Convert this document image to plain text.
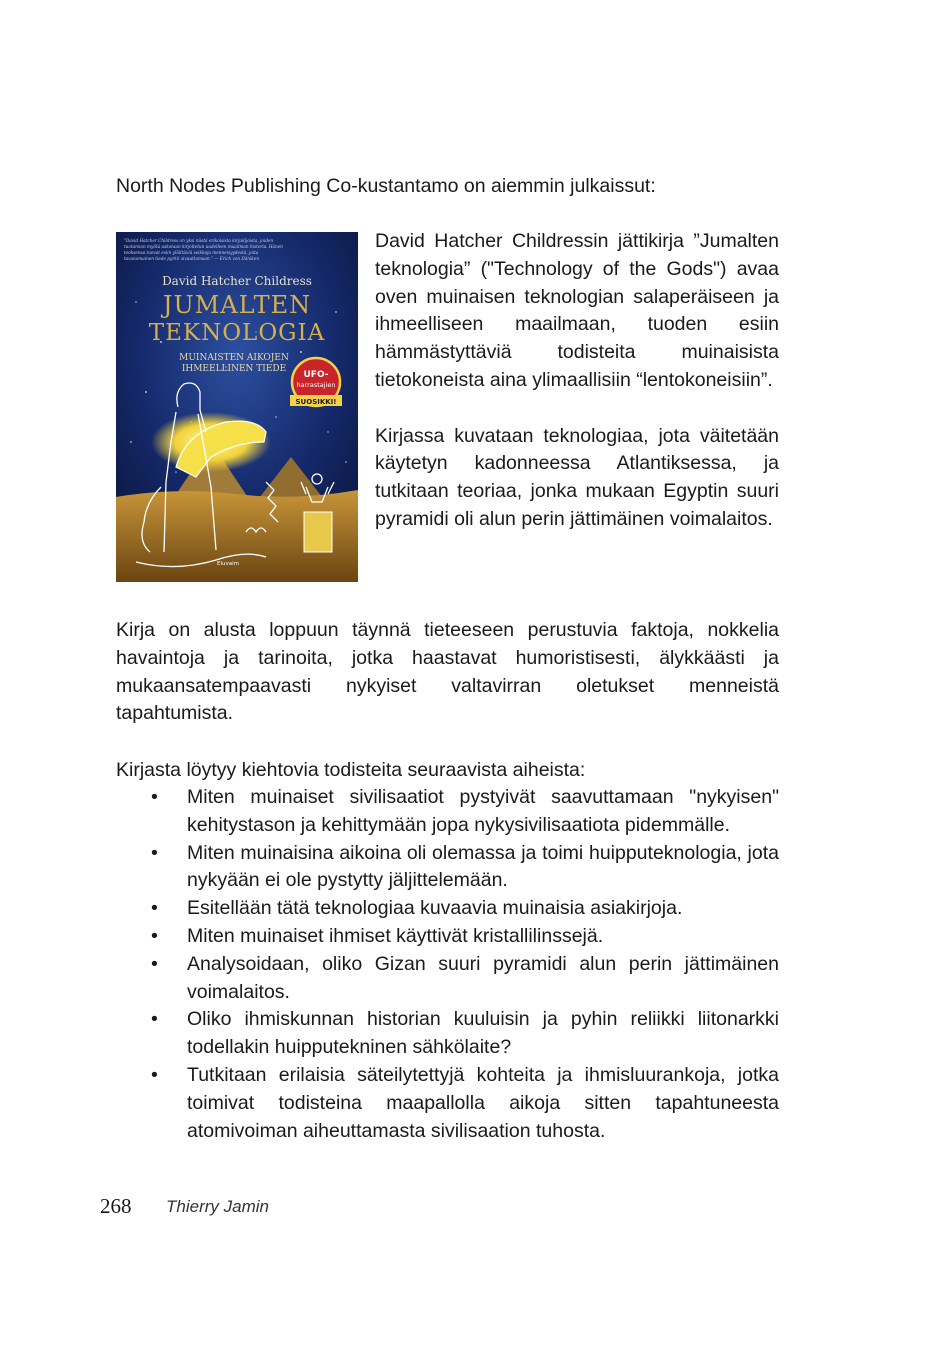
North Nodes Publishing Co-kustantamo on aiemmin julkaissut:
"David Hatcher Childress on yksi niistä erikoisista kirjailijoista, joiden
tuotannon myötä uskotaan kirjoitetun uudelleen maailman historia. Hänen
teoksensa tuovat esiin yllättäviä seikkoja menneisyydestä, joita
tavanomainen tiede pyrkii sivuuttamaan." — Erich von Däniken
David Hatcher Childress
JUMALTEN
TEKNOLOGIA
MUINAISTEN AIKOJEN
IHMEELLINEN TIEDE
UFO-
harrastajien
SUOSIKKI!
Eluvaim

David Hatcher Childressin jättikirja ”Jumalten teknologia” ("Technology of the Gods") avaa oven muinaisen teknologian salaperäiseen ja ihmeelliseen maailmaan, tuoden esiin hämmästyttäviä todisteita muinaisista tietokoneista aina ylimaallisiin “lentokoneisiin”.

Kirjassa kuvataan teknologiaa, jota väitetään käytetyn kadonneessa Atlantiksessa, ja tutkitaan teoriaa, jonka mukaan Egyptin suuri pyramidi oli alun perin jättimäinen voimalaitos.

Kirja on alusta loppuun täynnä tieteeseen perustuvia faktoja, nokkelia havaintoja ja tarinoita, jotka haastavat humoristisesti, älykkäästi ja mukaansatempaavasti nykyiset valtavirran oletukset menneistä tapahtumista.

Kirjasta löytyy kiehtovia todisteita seuraavista aiheista:
• Miten muinaiset sivilisaatiot pystyivät saavuttamaan "nykyisen" kehitystason ja kehittymään jopa nykysivilisaatiota pidemmälle.
• Miten muinaisina aikoina oli olemassa ja toimi huipputeknologia, jota nykyään ei ole pystytty jäljittelemään.
• Esitellään tätä teknologiaa kuvaavia muinaisia asiakirjoja.
• Miten muinaiset ihmiset käyttivät kristallilinssejä.
• Analysoidaan, oliko Gizan suuri pyramidi alun perin jättimäinen voimalaitos.
• Oliko ihmiskunnan historian kuuluisin ja pyhin reliikki liitonarkki todellakin huipputekninen sähkölaite?
• Tutkitaan erilaisia säteilytettyjä kohteita ja ihmisluurankoja, jotka toimivat todisteina maapallolla aikoja sitten tapahtuneesta atomivoiman aiheuttamasta sivilisaation tuhosta.
268 Thierry Jamin
